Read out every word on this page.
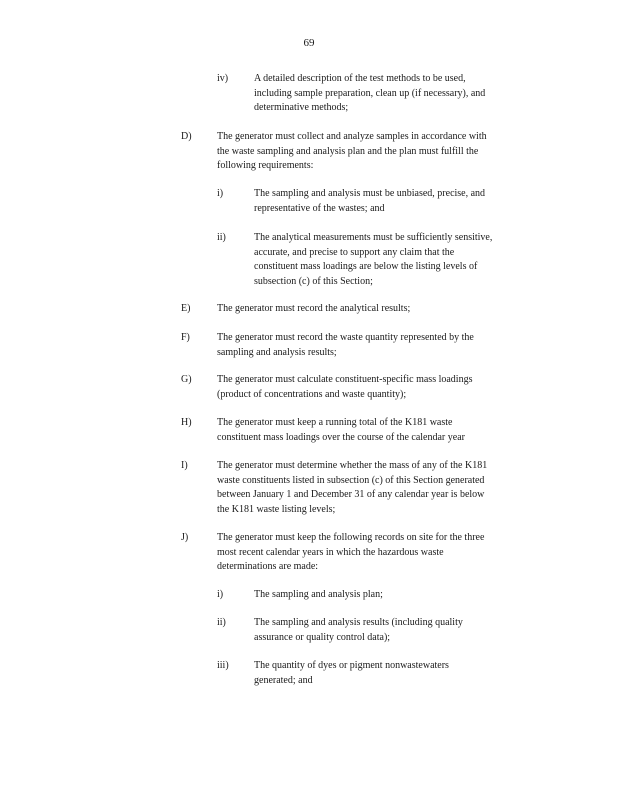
69
iv)	A detailed description of the test methods to be used,
including sample preparation, clean up (if necessary), and
determinative methods;
D)	The generator must collect and analyze samples in accordance with
the waste sampling and analysis plan and the plan must fulfill the
following requirements:
i)	The sampling and analysis must be unbiased, precise, and
representative of the wastes; and
ii)	The analytical measurements must be sufficiently sensitive,
accurate, and precise to support any claim that the
constituent mass loadings are below the listing levels of
subsection (c) of this Section;
E)	The generator must record the analytical results;
F)	The generator must record the waste quantity represented by the
sampling and analysis results;
G)	The generator must calculate constituent-specific mass loadings
(product of concentrations and waste quantity);
H)	The generator must keep a running total of the K181 waste
constituent mass loadings over the course of the calendar year
I)	The generator must determine whether the mass of any of the K181
waste constituents listed in subsection (c) of this Section generated
between January 1 and December 31 of any calendar year is below
the K181 waste listing levels;
J)	The generator must keep the following records on site for the three
most recent calendar years in which the hazardous waste
determinations are made:
i)	The sampling and analysis plan;
ii)	The sampling and analysis results (including quality
assurance or quality control data);
iii)	The quantity of dyes or pigment nonwastewaters
generated; and
